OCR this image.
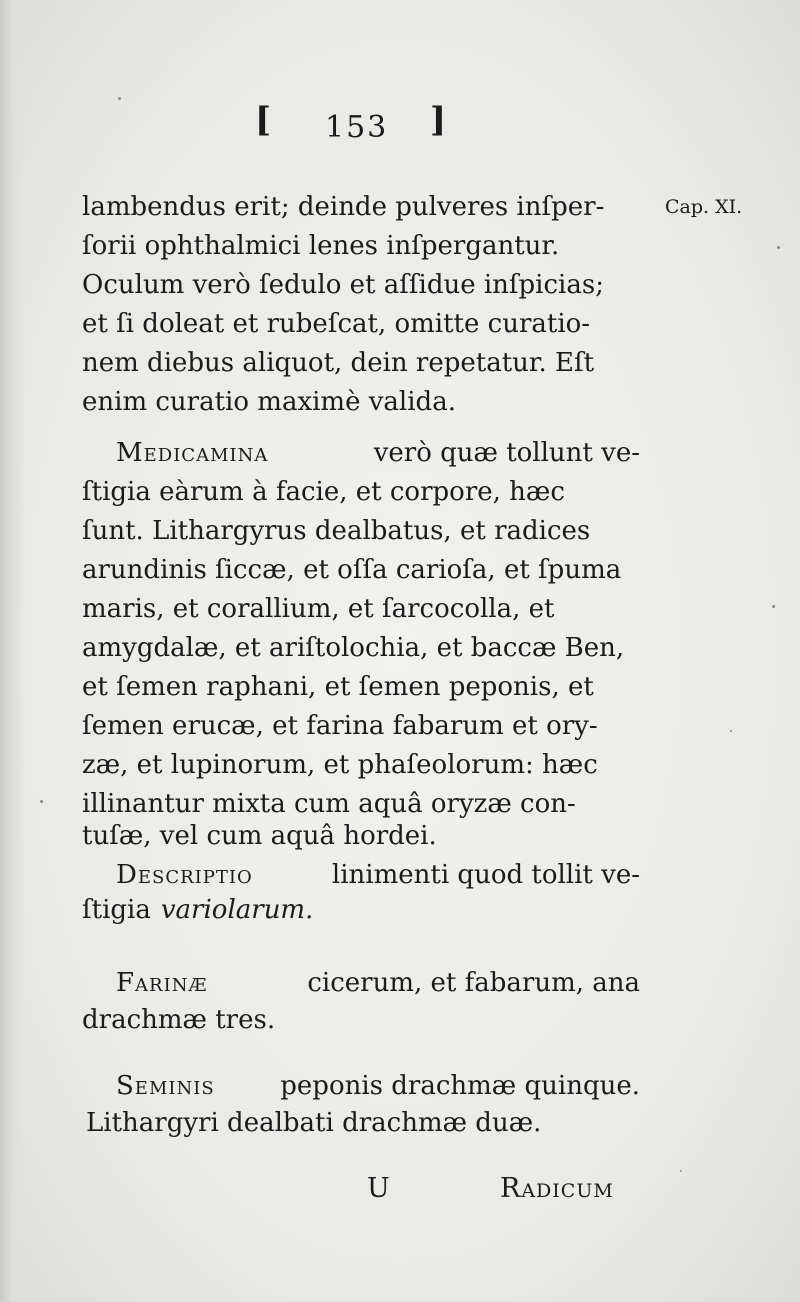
[ 153 ]
Cap. XI.
lambendus erit; deinde pulveres inſper-
ſorii ophthalmici lenes inſpergantur.
Oculum verò ſedulo et aſſidue inſpicias;
et ſi doleat et rubeſcat, omitte curatio-
nem diebus aliquot, dein repetatur. Eſt
enim curatio maximè valida.
Medicamina	verò quæ tollunt ve-
ſtigia eàrum à facie, et corpore, hæc
ſunt. Lithargyrus dealbatus, et radices
arundinis ſiccæ, et oſſa carioſa, et ſpuma
maris, et corallium, et ſarcocolla, et
amygdalæ, et ariſtolochia, et baccæ Ben,
et ſemen raphani, et ſemen peponis, et
ſemen erucæ, et farina fabarum et ory-
zæ, et lupinorum, et phaſeolorum: hæc
illinantur mixta cum aquâ oryzæ con-
tuſæ, vel cum aquâ hordei.
Descriptio	linimenti quod tollit ve-
ſtigia variolarum.
Farinæ	cicerum, et fabarum, ana
drachmæ tres.
Seminis	peponis drachmæ quinque.
Lithargyri dealbati drachmæ duæ.
U	Radicum
